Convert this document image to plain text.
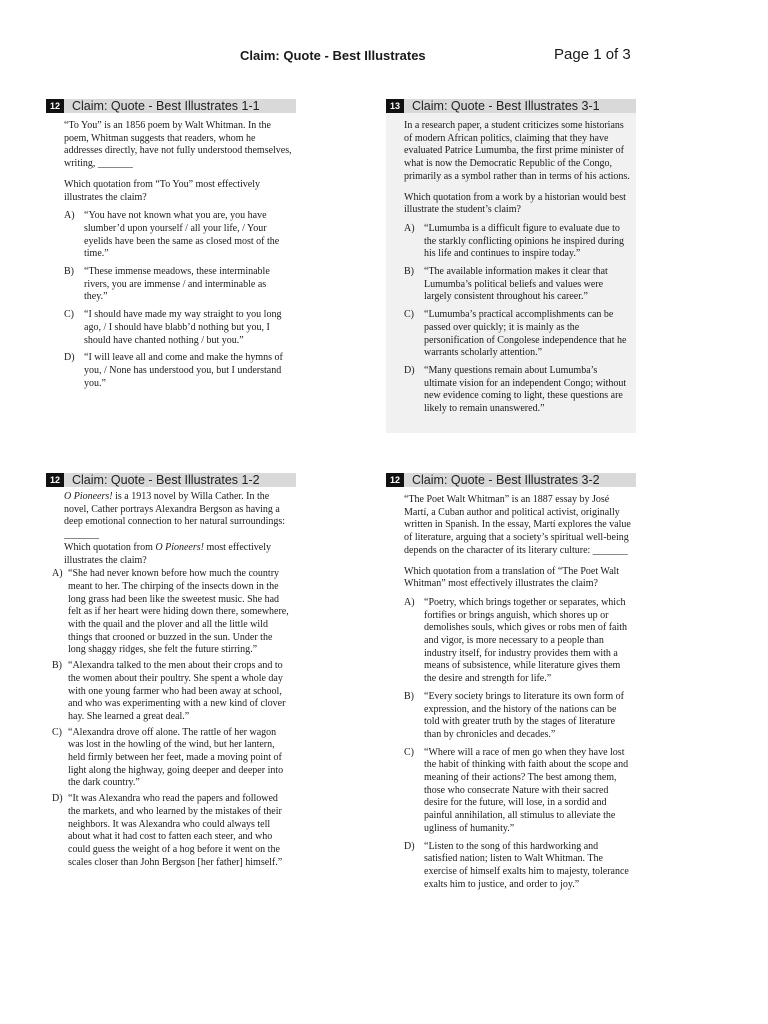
Claim: Quote - Best Illustrates	Page 1 of 3
12 Claim: Quote - Best Illustrates 1-1

“To You” is an 1856 poem by Walt Whitman. In the poem, Whitman suggests that readers, whom he addresses directly, have not fully understood themselves, writing, _______

Which quotation from “To You” most effectively illustrates the claim?

A) “You have not known what you are, you have slumber’d upon yourself / all your life, / Your eyelids have been the same as closed most of the time.”
B) “These immense meadows, these interminable rivers, you are immense / and interminable as they.”
C) “I should have made my way straight to you long ago, / I should have blabb’d nothing but you, I should have chanted nothing / but you.”
D) “I will leave all and come and make the hymns of you, / None has understood you, but I understand you.”
13 Claim: Quote - Best Illustrates 3-1

In a research paper, a student criticizes some historians of modern African politics, claiming that they have evaluated Patrice Lumumba, the first prime minister of what is now the Democratic Republic of the Congo, primarily as a symbol rather than in terms of his actions.

Which quotation from a work by a historian would best illustrate the student’s claim?

A) “Lumumba is a difficult figure to evaluate due to the starkly conflicting opinions he inspired during his life and continues to inspire today.”
B) “The available information makes it clear that Lumumba’s political beliefs and values were largely consistent throughout his career.”
C) “Lumumba’s practical accomplishments can be passed over quickly; it is mainly as the personification of Congolese independence that he warrants scholarly attention.”
D) “Many questions remain about Lumumba’s ultimate vision for an independent Congo; without new evidence coming to light, these questions are likely to remain unanswered.”
12 Claim: Quote - Best Illustrates 1-2

O Pioneers! is a 1913 novel by Willa Cather. In the novel, Cather portrays Alexandra Bergson as having a deep emotional connection to her natural surroundings: _______

Which quotation from O Pioneers! most effectively illustrates the claim?

A) “She had never known before how much the country meant to her. The chirping of the insects down in the long grass had been like the sweetest music. She had felt as if her heart were hiding down there, somewhere, with the quail and the plover and all the little wild things that crooned or buzzed in the sun. Under the long shaggy ridges, she felt the future stirring.”
B) “Alexandra talked to the men about their crops and to the women about their poultry. She spent a whole day with one young farmer who had been away at school, and who was experimenting with a new kind of clover hay. She learned a great deal.”
C) “Alexandra drove off alone. The rattle of her wagon was lost in the howling of the wind, but her lantern, held firmly between her feet, made a moving point of light along the highway, going deeper and deeper into the dark country.”
D) “It was Alexandra who read the papers and followed the markets, and who learned by the mistakes of their neighbors. It was Alexandra who could always tell about what it had cost to fatten each steer, and who could guess the weight of a hog before it went on the scales closer than John Bergson [her father] himself.”
12 Claim: Quote - Best Illustrates 3-2

“The Poet Walt Whitman” is an 1887 essay by José Martí, a Cuban author and political activist, originally written in Spanish. In the essay, Martí explores the value of literature, arguing that a society’s spiritual well-being depends on the character of its literary culture: _______

Which quotation from a translation of “The Poet Walt Whitman” most effectively illustrates the claim?

A) “Poetry, which brings together or separates, which fortifies or brings anguish, which shores up or demolishes souls, which gives or robs men of faith and vigor, is more necessary to a people than industry itself, for industry provides them with a means of subsistence, while literature gives them the desire and strength for life.”
B) “Every society brings to literature its own form of expression, and the history of the nations can be told with greater truth by the stages of literature than by chronicles and decades.”
C) “Where will a race of men go when they have lost the habit of thinking with faith about the scope and meaning of their actions? The best among them, those who consecrate Nature with their sacred desire for the future, will lose, in a sordid and painful annihilation, all stimulus to alleviate the ugliness of humanity.”
D) “Listen to the song of this hardworking and satisfied nation; listen to Walt Whitman. The exercise of himself exalts him to majesty, tolerance exalts him to justice, and order to joy.”
